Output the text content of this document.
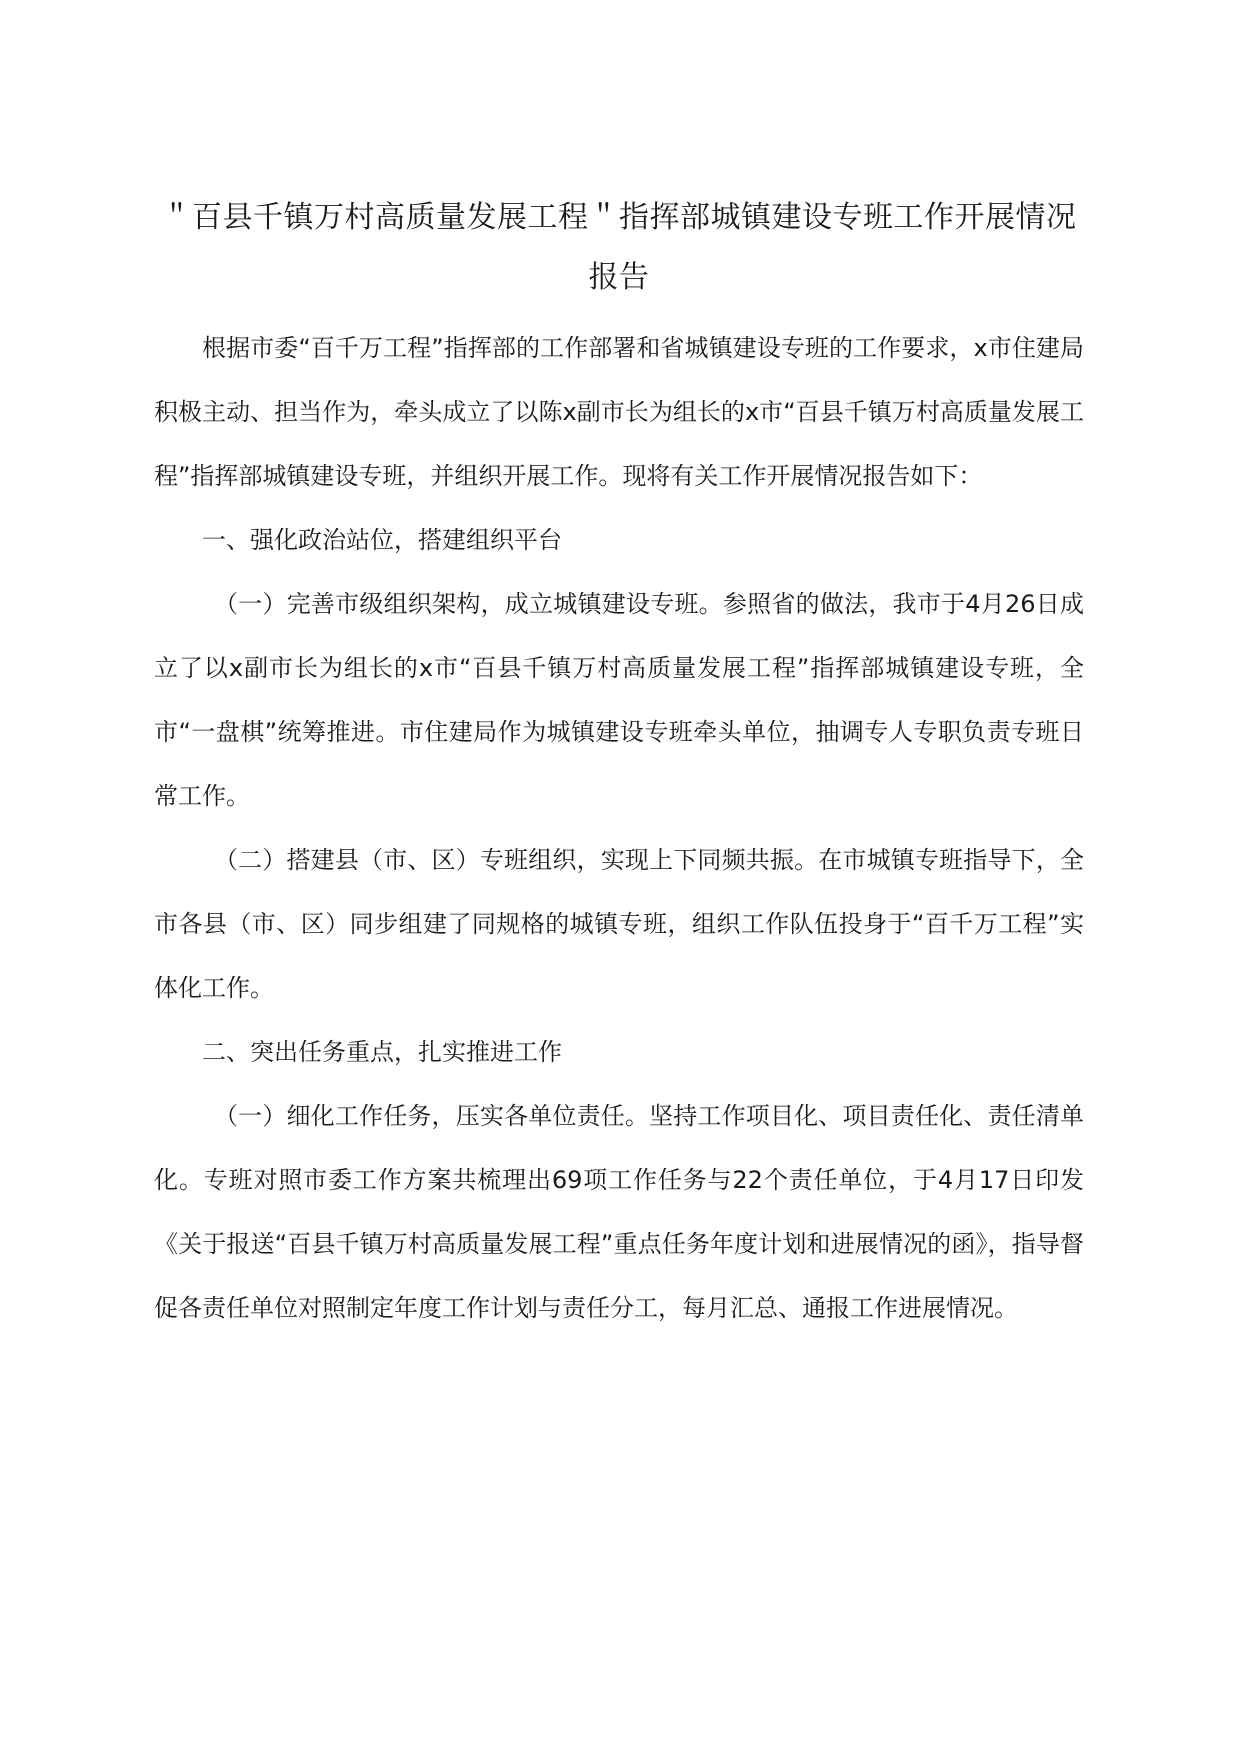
＂百县千镇万村高质量发展工程＂指挥部城镇建设专班工作开展情况报告

根据市委“百千万工程”指挥部的工作部署和省城镇建设专班的工作要求，x市住建局积极主动、担当作为，牵头成立了以陈x副市长为组长的x市“百县千镇万村高质量发展工程”指挥部城镇建设专班，并组织开展工作。现将有关工作开展情况报告如下：

一、强化政治站位，搭建组织平台

（一）完善市级组织架构，成立城镇建设专班。参照省的做法，我市于4月26日成立了以x副市长为组长的x市“百县千镇万村高质量发展工程”指挥部城镇建设专班，全市“一盘棋”统筹推进。市住建局作为城镇建设专班牵头单位，抽调专人专职负责专班日常工作。

（二）搭建县（市、区）专班组织，实现上下同频共振。在市城镇专班指导下，全市各县（市、区）同步组建了同规格的城镇专班，组织工作队伍投身于“百千万工程”实体化工作。

二、突出任务重点，扎实推进工作

（一）细化工作任务，压实各单位责任。坚持工作项目化、项目责任化、责任清单化。专班对照市委工作方案共梳理出69项工作任务与22个责任单位，于4月17日印发《关于报送“百县千镇万村高质量发展工程”重点任务年度计划和进展情况的函》，指导督促各责任单位对照制定年度工作计划与责任分工，每月汇总、通报工作进展情况。
